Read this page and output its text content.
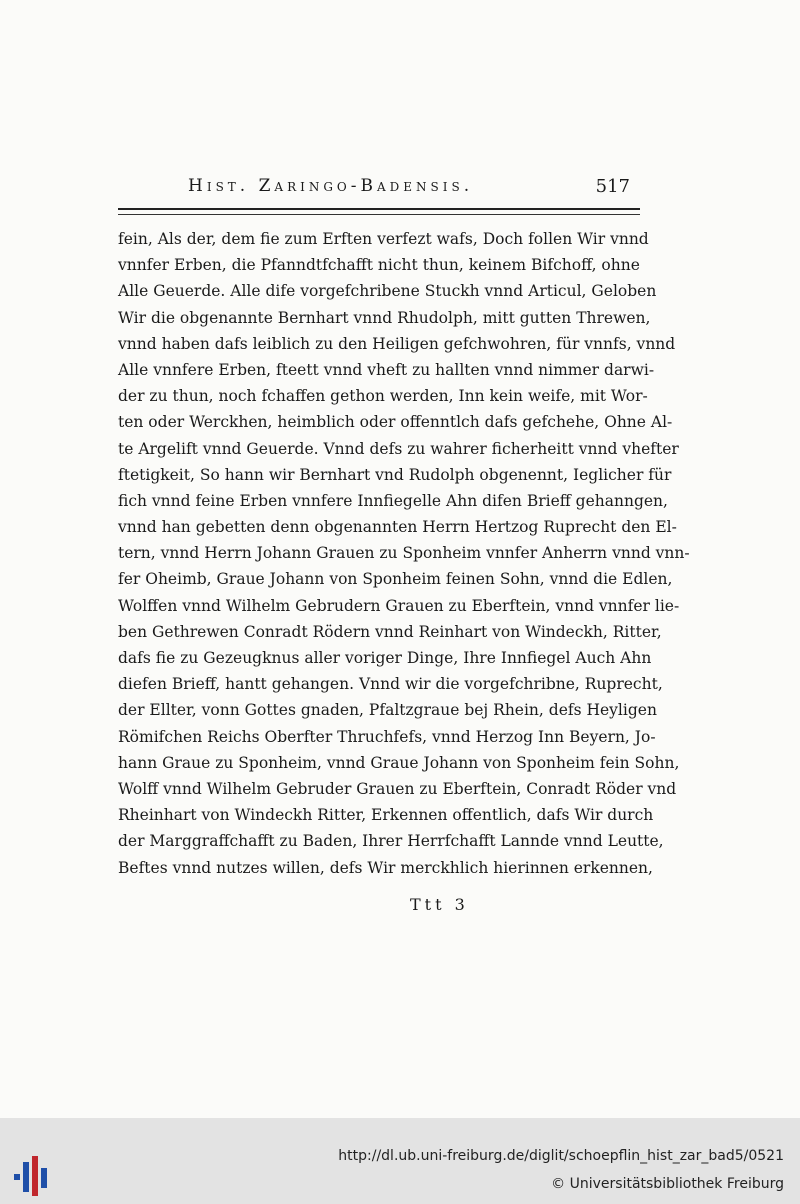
Hist. Zaringo-Badensis.	517
fein, Als der, dem fie zum Erften verfezt wafs, Doch follen Wir vnnd
vnnfer Erben, die Pfanndtfchafft nicht thun, keinem Bifchoff, ohne
Alle Geuerde. Alle dife vorgefchribene Stuckh vnnd Articul, Geloben
Wir die obgenannte Bernhart vnnd Rhudolph, mitt gutten Threwen,
vnnd haben dafs leiblich zu den Heiligen gefchwohren, für vnnfs, vnnd
Alle vnnfere Erben, fteett vnnd vheft zu hallten vnnd nimmer darwi-
der zu thun, noch fchaffen gethon werden, Inn kein weife, mit Wor-
ten oder Werckhen, heimblich oder offenntlch dafs gefchehe, Ohne Al-
te Argelift vnnd Geuerde. Vnnd defs zu wahrer ficherheitt vnnd vhefter
ftetigkeit, So hann wir Bernhart vnd Rudolph obgenennt, Ieglicher für
fich vnnd feine Erben vnnfere Innfiegelle Ahn difen Brieff gehanngen,
vnnd han gebetten denn obgenannten Herrn Hertzog Ruprecht den El-
tern, vnnd Herrn Johann Grauen zu Sponheim vnnfer Anherrn vnnd vnn-
fer Oheimb, Graue Johann von Sponheim feinen Sohn, vnnd die Edlen,
Wolffen vnnd Wilhelm Gebrudern Grauen zu Eberftein, vnnd vnnfer lie-
ben Gethrewen Conradt Rödern vnnd Reinhart von Windeckh, Ritter,
dafs fie zu Gezeugknus aller voriger Dinge, Ihre Innfiegel Auch Ahn
diefen Brieff, hantt gehangen. Vnnd wir die vorgefchribne, Ruprecht,
der Ellter, vonn Gottes gnaden, Pfaltzgraue bej Rhein, defs Heyligen
Römifchen Reichs Oberfter Thruchfefs, vnnd Herzog Inn Beyern, Jo-
hann Graue zu Sponheim, vnnd Graue Johann von Sponheim fein Sohn,
Wolff vnnd Wilhelm Gebruder Grauen zu Eberftein, Conradt Röder vnd
Rheinhart von Windeckh Ritter, Erkennen offentlich, dafs Wir durch
der Marggraffchafft zu Baden, Ihrer Herrfchafft Lannde vnnd Leutte,
Beftes vnnd nutzes willen, defs Wir merckhlich hierinnen erkennen,
Ttt 3
http://dl.ub.uni-freiburg.de/diglit/schoepflin_hist_zar_bad5/0521
© Universitätsbibliothek Freiburg
